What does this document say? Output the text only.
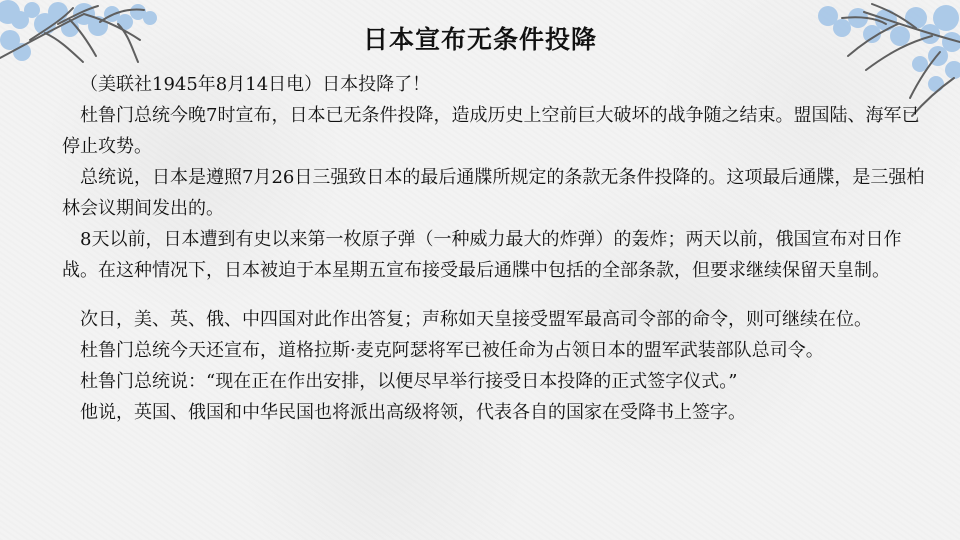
日本宣布无条件投降

（美联社1945年8月14日电）日本投降了！

杜鲁门总统今晚7时宣布，日本已无条件投降，造成历史上空前巨大破坏的战争随之结束。盟国陆、海军已停止攻势。

总统说，日本是遵照7月26日三强致日本的最后通牒所规定的条款无条件投降的。这项最后通牒，是三强柏林会议期间发出的。

8天以前，日本遭到有史以来第一枚原子弹（一种威力最大的炸弹）的轰炸；两天以前，俄国宣布对日作战。在这种情况下，日本被迫于本星期五宣布接受最后通牒中包括的全部条款，但要求继续保留天皇制。

次日，美、英、俄、中四国对此作出答复；声称如天皇接受盟军最高司令部的命令，则可继续在位。

杜鲁门总统今天还宣布，道格拉斯·麦克阿瑟将军已被任命为占领日本的盟军武装部队总司令。

杜鲁门总统说：“现在正在作出安排，以便尽早举行接受日本投降的正式签字仪式。”

他说，英国、俄国和中华民国也将派出高级将领，代表各自的国家在受降书上签字。
